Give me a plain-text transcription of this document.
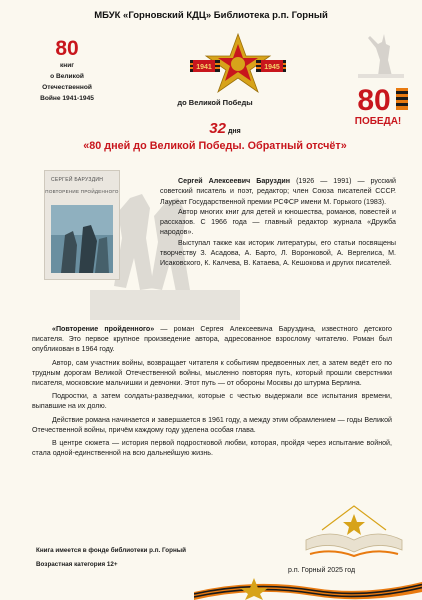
МБУК «Горновский КДЦ» Библиотека р.п. Горный
80
книг
о Великой
Отечественной
Войне 1941-1945
1941	1945
до Великой Победы	80
ПОБЕДА!
32 дня
«80 дней до Великой Победы. Обратный отсчёт»
СЕРГЕЙ БАРУЗДИН
ПОВТОРЕНИЕ ПРОЙДЕННОГО

Сергей Алексеевич Баруздин (1926 — 1991) — русский советский писатель и поэт, редактор; член Союза писателей СССР. Лауреат Государственной премии РСФСР имени М. Горького (1983).

Автор многих книг для детей и юношества, романов, повестей и рассказов. С 1966 года — главный редактор журнала «Дружба народов».

Выступал также как историк литературы, его статьи посвящены творчеству З. Асадова, А. Барто, Л. Воронковой, А. Вергелиса, М. Исаковского, К. Калчева, В. Катаева, А. Кешокова и других писателей.

«Повторение пройденного» — роман Сергея Алексеевича Баруздина, известного детского писателя. Это первое крупное произведение автора, адресованное взрослому читателю. Роман был опубликован в 1964 году.

Автор, сам участник войны, возвращает читателя к событиям предвоенных лет, а затем ведёт его по трудным дорогам Великой Отечественной войны, мысленно повторяя путь, который прошли сверстники писателя, московские мальчишки и девчонки. Этот путь — от обороны Москвы до штурма Берлина.

Подростки, а затем солдаты-разведчики, которые с честью выдержали все испытания времени, выпавшие на их долю.

Действие романа начинается и завершается в 1961 году, а между этим обрамлением — годы Великой Отечественной войны, причём каждому году уделена особая глава.

В центре сюжета — история первой подростковой любви, которая, пройдя через испытание войной, стала одной-единственной на всю дальнейшую жизнь.

Книга имеется в фонде библиотеки р.п. Горный
Возрастная категория 12+
р.п. Горный 2025 год
